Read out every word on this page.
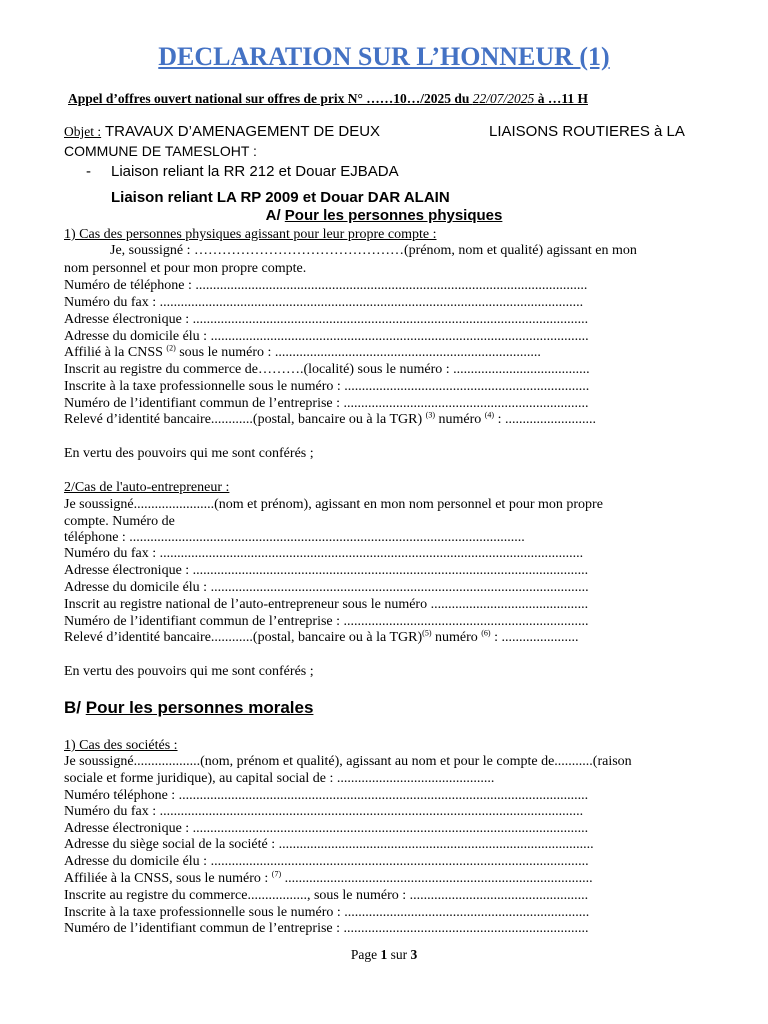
DECLARATION SUR L’HONNEUR (1)
Appel d’offres ouvert national sur offres de prix N° ……10…/2025 du 22/07/2025 à …11 H
Objet : TRAVAUX D’AMENAGEMENT DE DEUX	LIAISONS ROUTIERES à LA
COMMUNE DE TAMESLOHT :
- Liaison reliant la RR 212 et Douar EJBADA
Liaison reliant LA RP 2009 et Douar DAR ALAIN
A/ Pour les personnes physiques
1) Cas des personnes physiques agissant pour leur propre compte :
Je, soussigné : ………………………………………(prénom, nom et qualité) agissant en mon
nom personnel et pour mon propre compte.
Numéro de téléphone : ................................................................................................................
Numéro du fax : .........................................................................................................................
Adresse électronique : .................................................................................................................
Adresse du domicile élu : ............................................................................................................
Affilié à la CNSS $^{(2)}$ sous le numéro : ............................................................................
Inscrit au registre du commerce de……….(localité) sous le numéro : .......................................
Inscrite à la taxe professionnelle sous le numéro : ......................................................................
Numéro de l’identifiant commun de l’entreprise : ......................................................................
Relevé d’identité bancaire............(postal, bancaire ou à la TGR) $^{(3)}$ numéro $^{(4)}$ : ..........................
En vertu des pouvoirs qui me sont conférés ;
2/Cas de l'auto-entrepreneur :
Je soussigné.......................(nom et prénom), agissant en mon nom personnel et pour mon propre
compte. Numéro de
téléphone : .................................................................................................................
Numéro du fax : .........................................................................................................................
Adresse électronique : .................................................................................................................
Adresse du domicile élu : ............................................................................................................
Inscrit au registre national de l’auto-entrepreneur sous le numéro .............................................
Numéro de l’identifiant commun de l’entreprise : ......................................................................
Relevé d’identité bancaire............(postal, bancaire ou à la TGR)$^{(5)}$ numéro $^{(6)}$ : ......................
En vertu des pouvoirs qui me sont conférés ;
B/ Pour les personnes morales
1) Cas des sociétés :
Je soussigné...................(nom, prénom et qualité), agissant au nom et pour le compte de...........(raison
sociale et forme juridique), au capital social de : .............................................
Numéro téléphone : .....................................................................................................................
Numéro du fax : .........................................................................................................................
Adresse électronique : .................................................................................................................
Adresse du siège social de la société : ..........................................................................................
Adresse du domicile élu : ............................................................................................................
Affiliée à la CNSS, sous le numéro : $^{(7)}$ ........................................................................................
Inscrite au registre du commerce................., sous le numéro : ...................................................
Inscrite à la taxe professionnelle sous le numéro : ......................................................................
Numéro de l’identifiant commun de l’entreprise : ......................................................................
Page 1 sur 3
